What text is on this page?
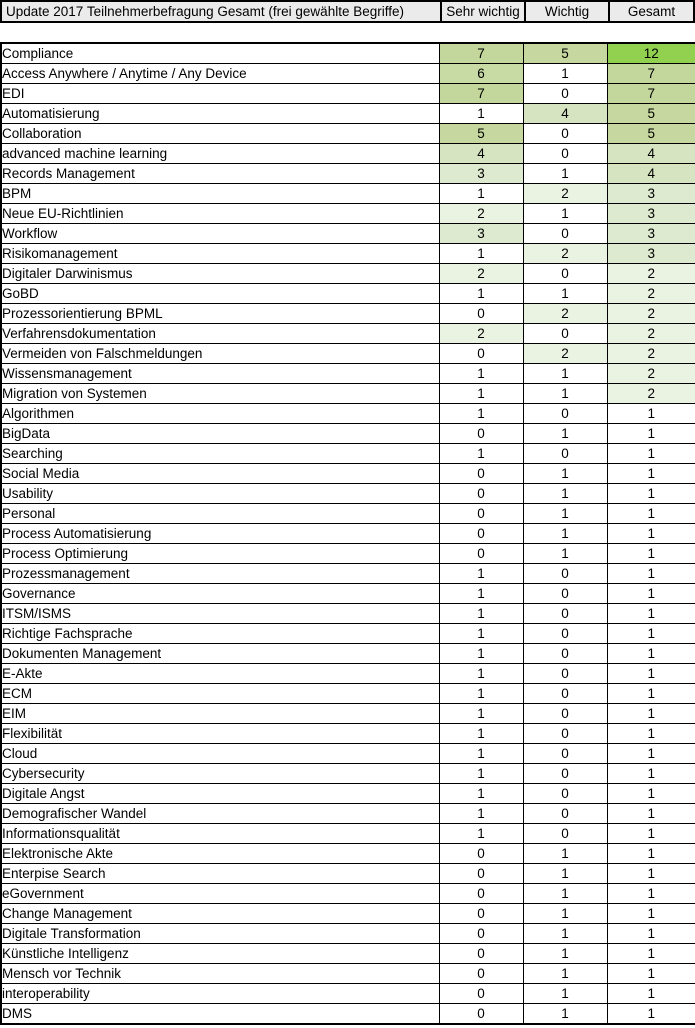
Update 2017 Teilnehmerbefragung Gesamt (frei gewählte Begriffe)	Sehr wichtig	Wichtig	Gesamt
Compliance	7	5	12
Access Anywhere / Anytime / Any Device	6	1	7
EDI	7	0	7
Automatisierung	1	4	5
Collaboration	5	0	5
advanced machine learning	4	0	4
Records Management	3	1	4
BPM	1	2	3
Neue EU-Richtlinien	2	1	3
Workflow	3	0	3
Risikomanagement	1	2	3
Digitaler Darwinismus	2	0	2
GoBD	1	1	2
Prozessorientierung BPML	0	2	2
Verfahrensdokumentation	2	0	2
Vermeiden von Falschmeldungen	0	2	2
Wissensmanagement	1	1	2
Migration von Systemen	1	1	2
Algorithmen	1	0	1
BigData	0	1	1
Searching	1	0	1
Social Media	0	1	1
Usability	0	1	1
Personal	0	1	1
Process Automatisierung	0	1	1
Process Optimierung	0	1	1
Prozessmanagement	1	0	1
Governance	1	0	1
ITSM/ISMS	1	0	1
Richtige Fachsprache	1	0	1
Dokumenten Management	1	0	1
E-Akte	1	0	1
ECM	1	0	1
EIM	1	0	1
Flexibilität	1	0	1
Cloud	1	0	1
Cybersecurity	1	0	1
Digitale Angst	1	0	1
Demografischer Wandel	1	0	1
Informationsqualität	1	0	1
Elektronische Akte	0	1	1
Enterpise Search	0	1	1
eGovernment	0	1	1
Change Management	0	1	1
Digitale Transformation	0	1	1
Künstliche Intelligenz	0	1	1
Mensch vor Technik	0	1	1
interoperability	0	1	1
DMS	0	1	1
